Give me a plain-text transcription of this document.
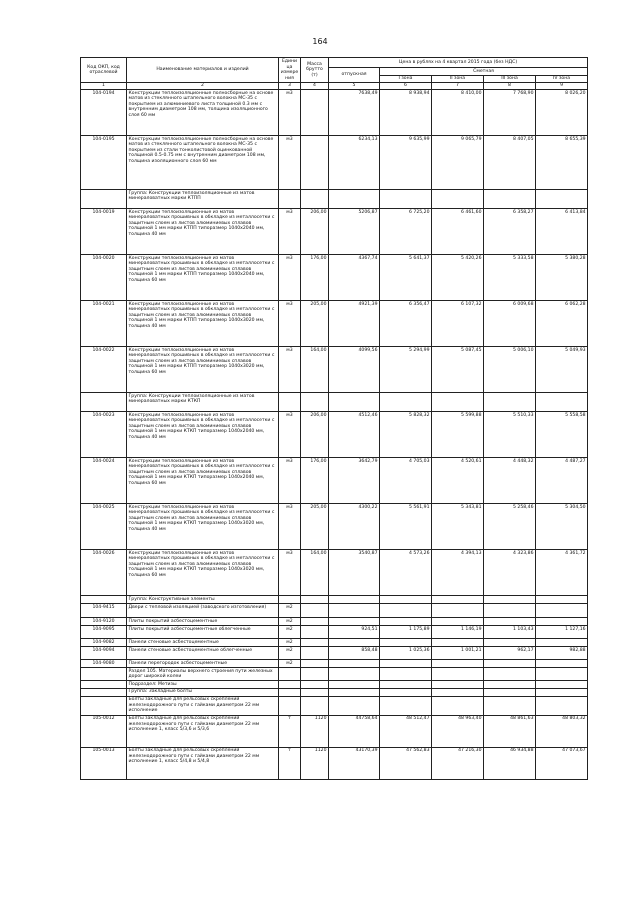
164
Код ОКП, код отраслевой	Наименование материалов и изделий	Единица измерения	Масса брутто (т)	Цена в рублях на 4 квартал 2015 года (без НДС)				
				отпускная	Сметная			
					I зона	II зона	III зона	IV зона
1	2	3	4	5	6	7	8	9
104-0194	Конструкции теплоизоляционные полносборные на основе матов из стеклянного штапельного волокна МС-35 с покрытием из алюминиевого листа толщиной 0.3 мм с внутренним диаметром 108 мм, толщина изоляционного слоя 60 мм	м3		7638,49	8 938,94	8 410,00	7 768,90	8 026,20
104-0195	Конструкции теплоизоляционные полносборные на основе матов из стеклянного штапельного волокна МС-35 с покрытием из стали тонколистовой оцинкованной толщиной 0.5-0.75 мм с внутренним диаметром 108 мм, толщина изоляционного слоя 60 мм	м3		6234,13	9 635,99	9 065,79	8 407,05	8 655,39
	Группа: Конструкции теплоизоляционные из матов минераловатных марки КТПП							
104-0019	Конструкции теплоизоляционные из матов минераловатных прошивных в обкладке из металлосетки с защитным слоем из листов алюминиевых сплавов толщиной 1 мм марки КТПП типоразмер 1040х2040 мм, толщина 40 мм	м3	206,00	5206,87	6 725,20	6 461,60	6 358,27	6 413,84
104-0020	Конструкции теплоизоляционные из матов минераловатных прошивных в обкладке из металлосетки с защитным слоем из листов алюминиевых сплавов толщиной 1 мм марки КТПП типоразмер 1040х2040 мм, толщина 60 мм	м3	176,00	4367,74	5 641,37	5 420,26	5 333,58	5 380,28
104-0021	Конструкции теплоизоляционные из матов минераловатных прошивных в обкладке из металлосетки с защитным слоем из листов алюминиевых сплавов толщиной 1 мм марки КТПП типоразмер 1040х3020 мм, толщина 40 мм	м3	205,00	4921,39	6 356,47	6 107,32	6 009,68	6 062,28
104-0022	Конструкции теплоизоляционные из матов минераловатных прошивных в обкладке из металлосетки с защитным слоем из листов алюминиевых сплавов толщиной 1 мм марки КТПП типоразмер 1040х3020 мм, толщина 60 мм	м3	164,00	4099,56	5 294,99	5 087,45	5 006,10	5 049,93
	Группа: Конструкции теплоизоляционные из матов минераловатных марки КТКП							
104-0023	Конструкции теплоизоляционные из матов минераловатных прошивных в обкладке из металлосетки с защитным слоем из листов алюминиевых сплавов толщиной 1 мм марки КТКП типоразмер 1040х2040 мм, толщина 40 мм	м3	206,00	4512,46	5 828,32	5 599,88	5 510,33	5 558,58
104-0024	Конструкции теплоизоляционные из матов минераловатных прошивных в обкладке из металлосетки с защитным слоем из листов алюминиевых сплавов толщиной 1 мм марки КТКП типоразмер 1040х2040 мм, толщина 60 мм	м3	176,00	3642,79	4 705,03	4 520,61	4 448,32	4 487,27
104-0025	Конструкции теплоизоляционные из матов минераловатных прошивных в обкладке из металлосетки с защитным слоем из листов алюминиевых сплавов толщиной 1 мм марки КТКП типоразмер 1040х3020 мм, толщина 40 мм	м3	205,00	4300,22	5 561,91	5 343,81	5 258,46	5 304,50
104-0026	Конструкции теплоизоляционные из матов минераловатных прошивных в обкладке из металлосетки с защитным слоем из листов алюминиевых сплавов толщиной 1 мм марки КТКП типоразмер 1040х3020 мм, толщина 60 мм	м3	164,00	3540,87	4 573,26	4 394,13	4 323,86	4 361,72
	Группа: Конструктивные элементы							
104-9415	Двери с тепловой изоляцией (заводского изготовления)	м2						
104-9120	Плиты покрытий асбестоцементные	м2						
104-9095	Плиты покрытий асбестоцементные облегченные	м2		924,51	1 175,89	1 146,19	1 103,43	1 127,16
104-9082	Панели стеновые асбестоцементные	м2						
104-9094	Панели стеновые асбестоцементные облегченные	м2		858,48	1 025,36	1 001,21	962,17	982,88
104-9080	Панели перегородок асбестоцементные	м2						
	Раздел 105. Материалы верхнего строения пути железных дорог широкой колеи							
	Подраздел: Метизы							
	Группа: Закладные болты							
	Болты закладные для рельсовых скреплений железнодорожного пути с гайками диаметром 22 мм исполнение							
105-0012	Болты закладные для рельсовых скреплений железнодорожного пути с гайками диаметром 22 мм исполнение 1, класс 5/3,6 и 5/3,6	т	1120	44758,64	48 512,47	48 963,40	48 861,63	48 803,32
105-0013	Болты закладные для рельсовых скреплений железнодорожного пути с гайками диаметром 22 мм исполнение 1, класс 5/4,8 и 5/4,8	т	1120	43170,39	47 562,83	47 216,30	46 934,88	47 073,67
